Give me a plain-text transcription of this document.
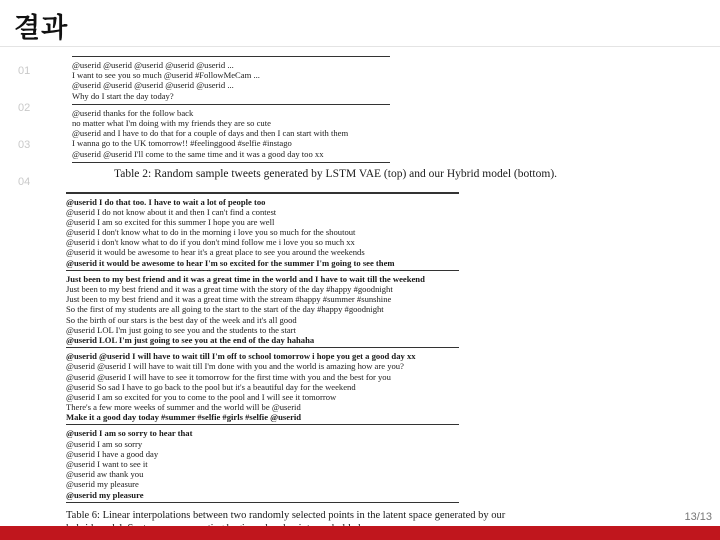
결과
01
02
03
04
@userid @userid @userid @userid @userid ...
I want to see you so much @userid #FollowMeCam ...
@userid @userid @userid @userid @userid ...
Why do I start the day today?
@userid thanks for the follow back
no matter what I'm doing with my friends they are so cute
@userid and I have to do that for a couple of days and then I can start with them
I wanna go to the UK tomorrow!! #feelinggood #selfie #instago
@userid @userid I'll come to the same time and it was a good day too xx
Table 2: Random sample tweets generated by LSTM VAE (top) and our Hybrid model (bottom).
@userid I do that too. I have to wait a lot of people too
@userid I do not know about it and then I can't find a contest
@userid I am so excited for this summer I hope you are well
@userid I don't know what to do in the morning i love you so much for the shoutout
@userid i don't know what to do if you don't mind follow me i love you so much xx
@userid it would be awesome to hear it's a great place to see you around the weekends
@userid it would be awesome to hear I'm so excited for the summer I'm going to see them
Just been to my best friend and it was a great time in the world and I have to wait till the weekend
Just been to my best friend and it was a great time with the story of the day #happy #goodnight
Just been to my best friend and it was a great time with the stream #happy #summer #sunshine
So the first of my students are all going to the start to the start of the day #happy #goodnight
So the birth of our stars is the best day of the week and it's all good
@userid LOL I'm just going to see you and the students to the start
@userid LOL I'm just going to see you at the end of the day hahaha
@userid @userid I will have to wait till I'm off to school tomorrow i hope you get a good day xx
@userid @userid I will have to wait till I'm done with you and the world is amazing how are you?
@userid @userid I will have to see it tomorrow for the first time with you and the best for you
@userid So sad I have to go back to the pool but it's a beautiful day for the weekend
@userid I am so excited for you to come to the pool and I will see it tomorrow
There's a few more weeks of summer and the world will be @userid
Make it a good day today #summer #selfie #girls #selfie @userid
@userid I am so sorry to hear that
@userid I am so sorry
@userid I have a good day
@userid I want to see it
@userid aw thank you
@userid my pleasure
@userid my pleasure
Table 6: Linear interpolations between two randomly selected points in the latent space generated by our	13/13
